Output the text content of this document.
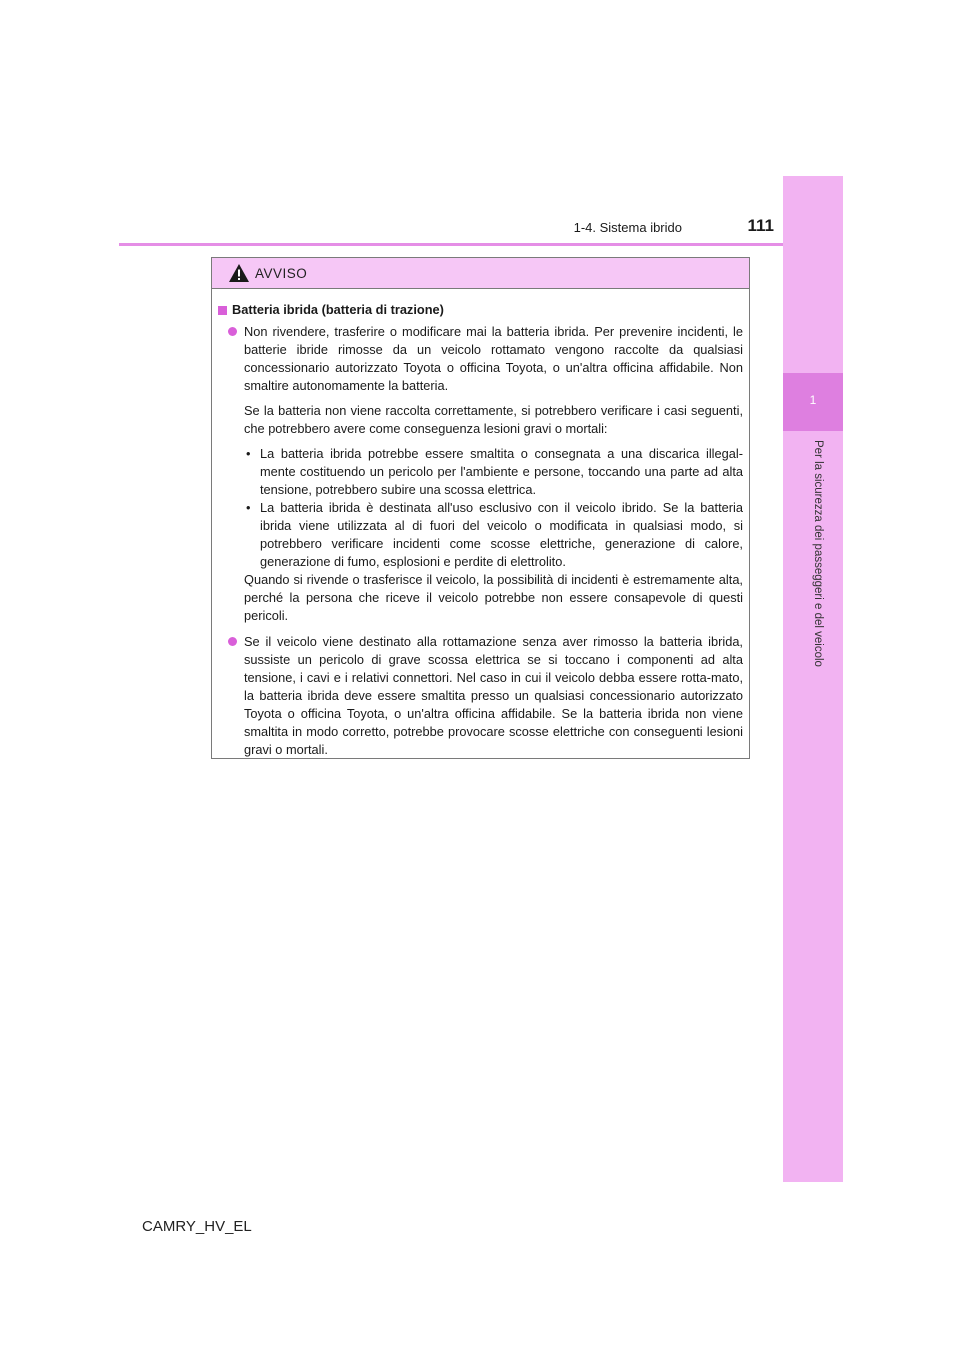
1-4. Sistema ibrido	111
1
Per la sicurezza dei passeggeri e del veicolo
AVVISO
Batteria ibrida (batteria di trazione)

Non rivendere, trasferire o modificare mai la batteria ibrida. Per prevenire incidenti, le batterie ibride rimosse da un veicolo rottamato vengono raccolte da qualsiasi concessionario autorizzato Toyota o officina Toyota, o un'altra officina affidabile. Non smaltire autonomamente la batteria.

Se la batteria non viene raccolta correttamente, si potrebbero verificare i casi seguenti, che potrebbero avere come conseguenza lesioni gravi o mortali:

• La batteria ibrida potrebbe essere smaltita o consegnata a una discarica illegal-mente costituendo un pericolo per l'ambiente e persone, toccando una parte ad alta tensione, potrebbero subire una scossa elettrica.
• La batteria ibrida è destinata all'uso esclusivo con il veicolo ibrido. Se la batteria ibrida viene utilizzata al di fuori del veicolo o modificata in qualsiasi modo, si potrebbero verificare incidenti come scosse elettriche, generazione di calore, generazione di fumo, esplosioni e perdite di elettrolito.

Quando si rivende o trasferisce il veicolo, la possibilità di incidenti è estremamente alta, perché la persona che riceve il veicolo potrebbe non essere consapevole di questi pericoli.

Se il veicolo viene destinato alla rottamazione senza aver rimosso la batteria ibrida, sussiste un pericolo di grave scossa elettrica se si toccano i componenti ad alta tensione, i cavi e i relativi connettori. Nel caso in cui il veicolo debba essere rotta-mato, la batteria ibrida deve essere smaltita presso un qualsiasi concessionario autorizzato Toyota o officina Toyota, o un'altra officina affidabile. Se la batteria ibrida non viene smaltita in modo corretto, potrebbe provocare scosse elettriche con conseguenti lesioni gravi o mortali.

CAMRY_HV_EL
